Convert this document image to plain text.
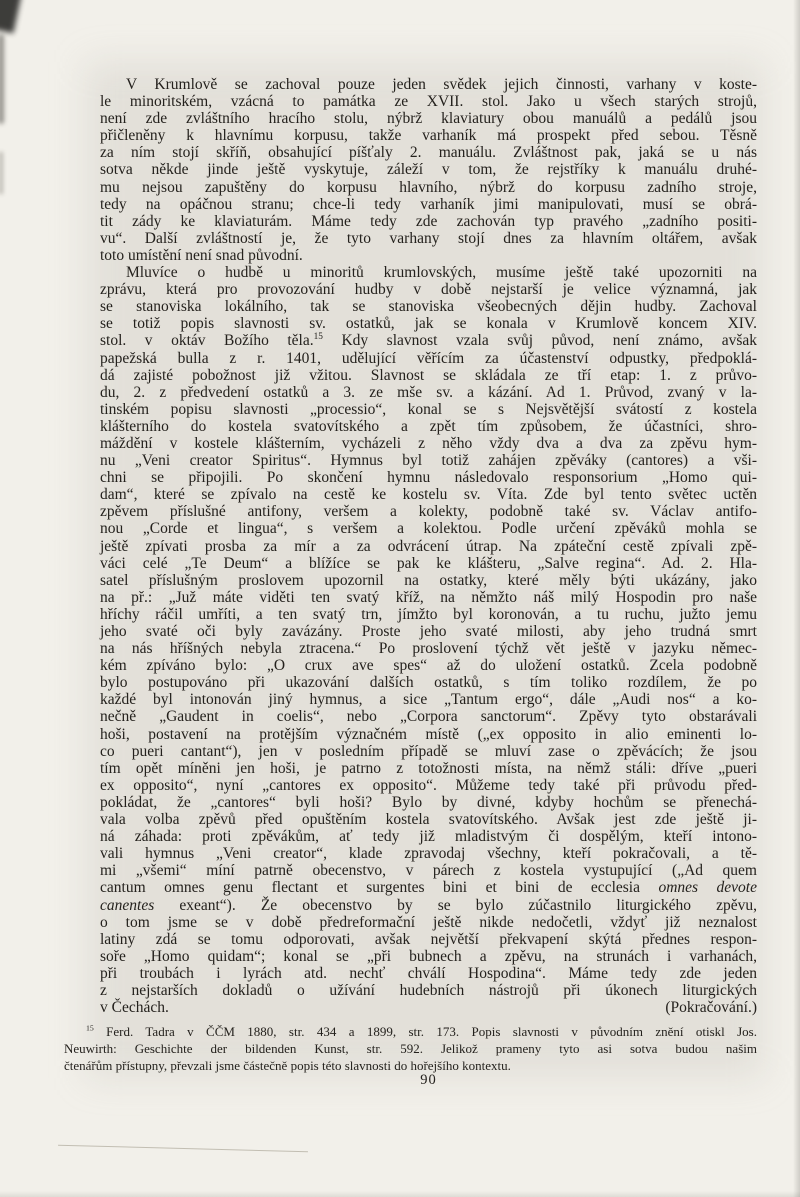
V Krumlově se zachoval pouze jeden svědek jejich činnosti, varhany v koste-
le minoritském, vzácná to památka ze XVII. stol. Jako u všech starých strojů,
není zde zvláštního hracího stolu, nýbrž klaviatury obou manuálů a pedálů jsou
přičleněny k hlavnímu korpusu, takže varhaník má prospekt před sebou. Těsně
za ním stojí skříň, obsahující píšťaly 2. manuálu. Zvláštnost pak, jaká se u nás
sotva někde jinde ještě vyskytuje, záleží v tom, že rejstříky k manuálu druhé-
mu nejsou zapuštěny do korpusu hlavního, nýbrž do korpusu zadního stroje,
tedy na opáčnou stranu; chce-li tedy varhaník jimi manipulovati, musí se obrá-
tit zády ke klaviaturám. Máme tedy zde zachován typ pravého „zadního positi-
vu“. Další zvláštností je, že tyto varhany stojí dnes za hlavním oltářem, avšak
toto umístění není snad původní.
Mluvíce o hudbě u minoritů krumlovských, musíme ještě také upozorniti na
zprávu, která pro provozování hudby v době nejstarší je velice významná, jak
se stanoviska lokálního, tak se stanoviska všeobecných dějin hudby. Zachoval
se totiž popis slavnosti sv. ostatků, jak se konala v Krumlově koncem XIV.
stol. v oktáv Božího těla.$^{15}$ Kdy slavnost vzala svůj původ, není známo, avšak
papežská bulla z r. 1401, udělující věřícím za účastenství odpustky, předpoklá-
dá zajisté pobožnost již vžitou. Slavnost se skládala ze tří etap: 1. z průvo-
du, 2. z předvedení ostatků a 3. ze mše sv. a kázání. Ad 1. Průvod, zvaný v la-
tinském popisu slavnosti „processio“, konal se s Nejsvětější svátostí z kostela
klášterního do kostela svatovítského a zpět tím způsobem, že účastníci, shro-
máždění v kostele klášterním, vycházeli z něho vždy dva a dva za zpěvu hym-
nu „Veni creator Spiritus“. Hymnus byl totiž zahájen zpěváky (cantores) a vši-
chni se připojili. Po skončení hymnu následovalo responsorium „Homo qui-
dam“, které se zpívalo na cestě ke kostelu sv. Víta. Zde byl tento světec uctěn
zpěvem příslušné antifony, veršem a kolekty, podobně také sv. Václav antifo-
nou „Corde et lingua“, s veršem a kolektou. Podle určení zpěváků mohla se
ještě zpívati prosba za mír a za odvrácení útrap. Na zpáteční cestě zpívali zpě-
váci celé „Te Deum“ a blížíce se pak ke klášteru, „Salve regina“. Ad. 2. Hla-
satel příslušným proslovem upozornil na ostatky, které měly býti ukázány, jako
na př.: „Juž máte viděti ten svatý kříž, na němžto náš milý Hospodin pro naše
hříchy ráčil umříti, a ten svatý trn, jímžto byl koronován, a tu ruchu, južto jemu
jeho svaté oči byly zavázány. Proste jeho svaté milosti, aby jeho trudná smrt
na nás hříšných nebyla ztracena.“ Po proslovení týchž vět ještě v jazyku němec-
kém zpíváno bylo: „O crux ave spes“ až do uložení ostatků. Zcela podobně
bylo postupováno při ukazování dalších ostatků, s tím toliko rozdílem, že po
každé byl intonován jiný hymnus, a sice „Tantum ergo“, dále „Audi nos“ a ko-
nečně „Gaudent in coelis“, nebo „Corpora sanctorum“. Zpěvy tyto obstarávali
hoši, postavení na protějším význačném místě („ex opposito in alio eminenti lo-
co pueri cantant“), jen v posledním případě se mluví zase o zpěvácích; že jsou
tím opět míněni jen hoši, je patrno z totožnosti místa, na němž stáli: dříve „pueri
ex opposito“, nyní „cantores ex opposito“. Můžeme tedy také při průvodu před-
pokládat, že „cantores“ byli hoši? Bylo by divné, kdyby hochům se přenechá-
vala volba zpěvů před opuštěním kostela svatovítského. Avšak jest zde ještě ji-
ná záhada: proti zpěvákům, ať tedy již mladistvým či dospělým, kteří intono-
vali hymnus „Veni creator“, klade zpravodaj všechny, kteří pokračovali, a tě-
mi „všemi“ míní patrně obecenstvo, v párech z kostela vystupující („Ad quem
cantum omnes genu flectant et surgentes bini et bini de ecclesia omnes devote
canentes exeant“). Že obecenstvo by se bylo zúčastnilo liturgického zpěvu,
o tom jsme se v době předreformační ještě nikde nedočetli, vždyť již neznalost
latiny zdá se tomu odporovati, avšak největší překvapení skýtá přednes respon-
soře „Homo quidam“; konal se „při bubnech a zpěvu, na strunách i varhanách,
při troubách i lyrách atd. nechť chválí Hospodina“. Máme tedy zde jeden
z nejstarších dokladů o užívání hudebních nástrojů při úkonech liturgických
(Pokračování.)
v Čechách.
$^{15}$ Ferd. Tadra v ČČM 1880, str. 434 a 1899, str. 173. Popis slavnosti v původním znění otiskl Jos.
Neuwirth: Geschichte der bildenden Kunst, str. 592. Jelikož prameny tyto asi sotva budou našim
čtenářům přístupny, převzali jsme částečně popis této slavnosti do hořejšího kontextu.
90
